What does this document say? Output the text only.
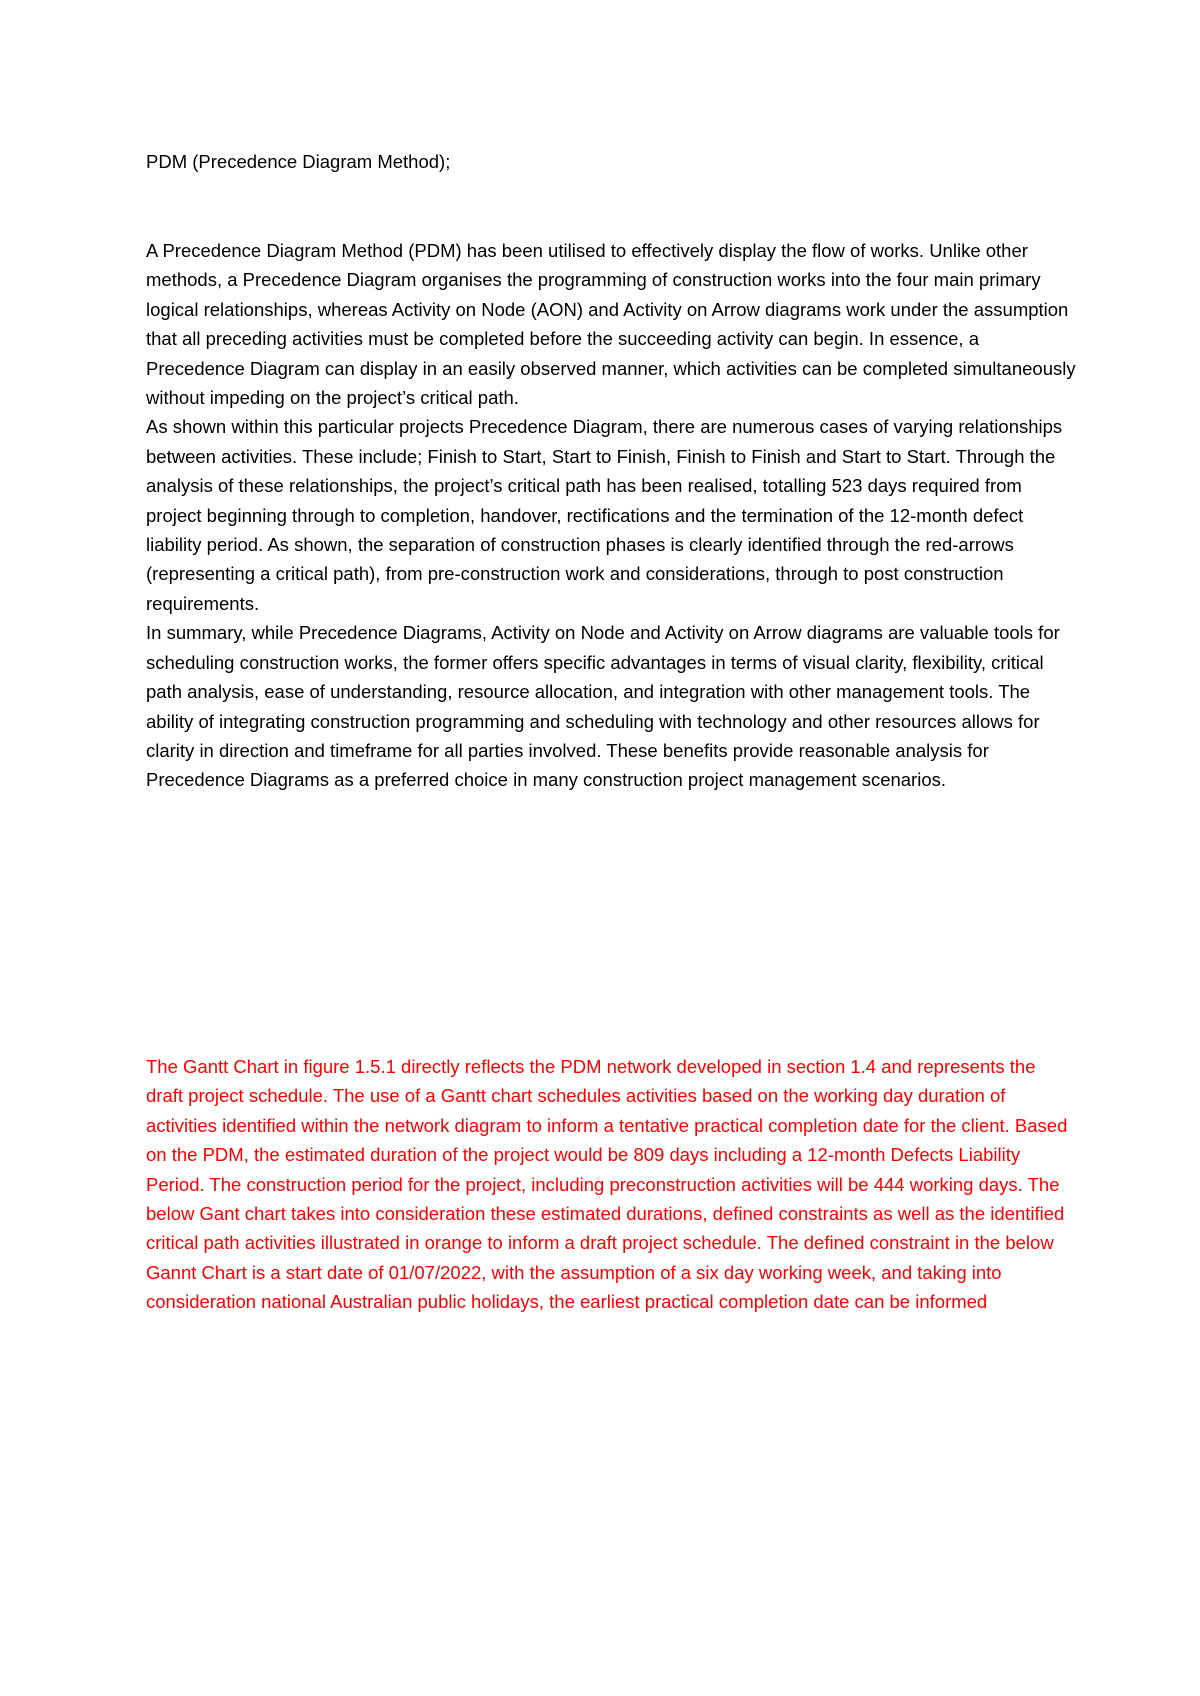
PDM (Precedence Diagram Method);

A Precedence Diagram Method (PDM) has been utilised to effectively display the flow of works. Unlike other methods, a Precedence Diagram organises the programming of construction works into the four main primary logical relationships, whereas Activity on Node (AON) and Activity on Arrow diagrams work under the assumption that all preceding activities must be completed before the succeeding activity can begin. In essence, a Precedence Diagram can display in an easily observed manner, which activities can be completed simultaneously without impeding on the project’s critical path.

As shown within this particular projects Precedence Diagram, there are numerous cases of varying relationships between activities. These include; Finish to Start, Start to Finish, Finish to Finish and Start to Start. Through the analysis of these relationships, the project’s critical path has been realised, totalling 523 days required from project beginning through to completion, handover, rectifications and the termination of the 12-month defect liability period. As shown, the separation of construction phases is clearly identified through the red-arrows (representing a critical path), from pre-construction work and considerations, through to post construction requirements.

In summary, while Precedence Diagrams, Activity on Node and Activity on Arrow diagrams are valuable tools for scheduling construction works, the former offers specific advantages in terms of visual clarity, flexibility, critical path analysis, ease of understanding, resource allocation, and integration with other management tools. The ability of integrating construction programming and scheduling with technology and other resources allows for clarity in direction and timeframe for all parties involved. These benefits provide reasonable analysis for Precedence Diagrams as a preferred choice in many construction project management scenarios.

The Gantt Chart in figure 1.5.1 directly reflects the PDM network developed in section 1.4 and represents the draft project schedule. The use of a Gantt chart schedules activities based on the working day duration of activities identified within the network diagram to inform a tentative practical completion date for the client. Based on the PDM, the estimated duration of the project would be 809 days including a 12-month Defects Liability Period. The construction period for the project, including preconstruction activities will be 444 working days. The below Gant chart takes into consideration these estimated durations, defined constraints as well as the identified critical path activities illustrated in orange to inform a draft project schedule. The defined constraint in the below Gannt Chart is a start date of 01/07/2022, with the assumption of a six day working week, and taking into consideration national Australian public holidays, the earliest practical completion date can be informed
